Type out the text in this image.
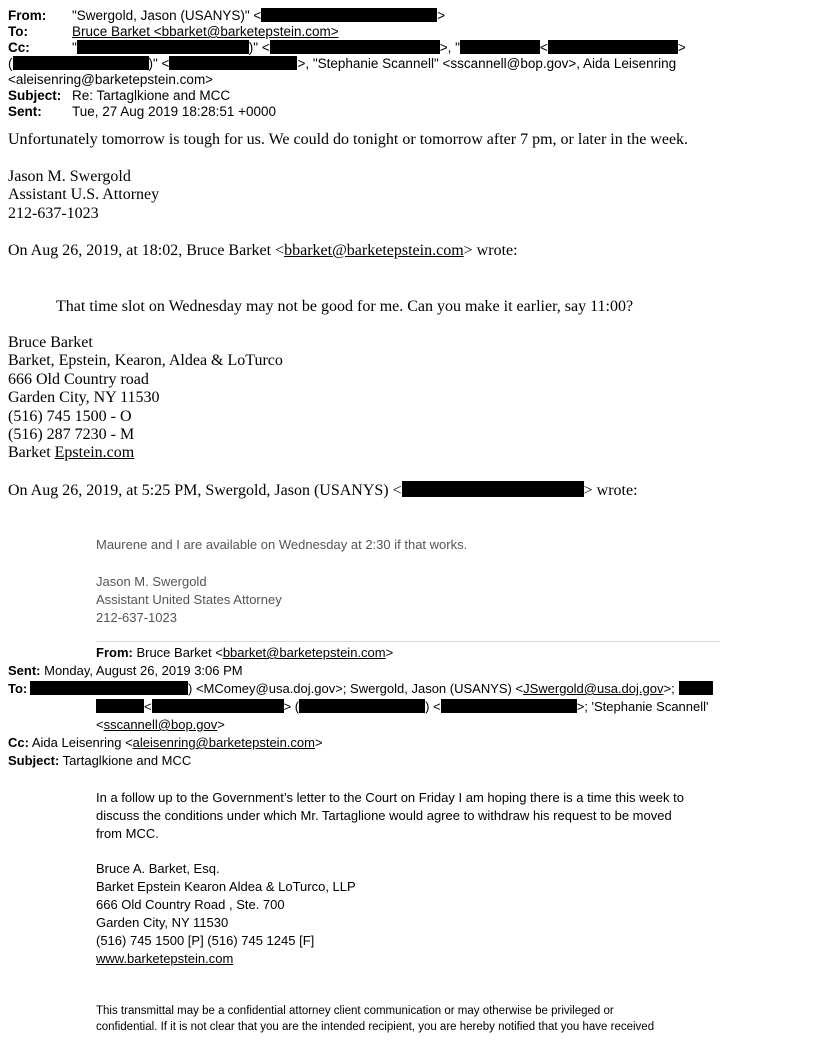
From: "Swergold, Jason (USANYS)" <	>
To:	Bruce Barket <bbarket@barketepstein.com>
Cc:	"	)" <	>, "	<	>
(	)" <	>, "Stephanie Scannell" <sscannell@bop.gov>, Aida Leisenring
<aleisenring@barketepstein.com>
Subject: Re: Tartaglkione and MCC
Sent: Tue, 27 Aug 2019 18:28:51 +0000
Unfortunately tomorrow is tough for us. We could do tonight or tomorrow after 7 pm, or later in the week.
Jason M. Swergold
Assistant U.S. Attorney
212-637-1023
On Aug 26, 2019, at 18:02, Bruce Barket <bbarket@barketepstein.com> wrote:
That time slot on Wednesday may not be good for me. Can you make it earlier, say 11:00?
Bruce Barket
Barket, Epstein, Kearon, Aldea & LoTurco
666 Old Country road
Garden City, NY 11530
(516) 745 1500 - O
(516) 287 7230 - M
Barket Epstein.com
On Aug 26, 2019, at 5:25 PM, Swergold, Jason (USANYS) <	> wrote:
Maurene and I are available on Wednesday at 2:30 if that works.
Jason M. Swergold
Assistant United States Attorney
212-637-1023
From: Bruce Barket <bbarket@barketepstein.com>
Sent: Monday, August 26, 2019 3:06 PM
To:	) <MComey@usa.doj.gov>; Swergold, Jason (USANYS) <JSwergold@usa.doj.gov>;
<	> (	) <	>; 'Stephanie Scannell'
<sscannell@bop.gov>
Cc: Aida Leisenring <aleisenring@barketepstein.com>
Subject: Tartaglkione and MCC
In a follow up to the Government’s letter to the Court on Friday I am hoping there is a time this week to
discuss the conditions under which Mr. Tartaglione would agree to withdraw his request to be moved
from MCC.
Bruce A. Barket, Esq.
Barket Epstein Kearon Aldea & LoTurco, LLP
666 Old Country Road , Ste. 700
Garden City, NY 11530
(516) 745 1500 [P] (516) 745 1245 [F]
www.barketepstein.com
This transmittal may be a confidential attorney client communication or may otherwise be privileged or
confidential. If it is not clear that you are the intended recipient, you are hereby notified that you have received
